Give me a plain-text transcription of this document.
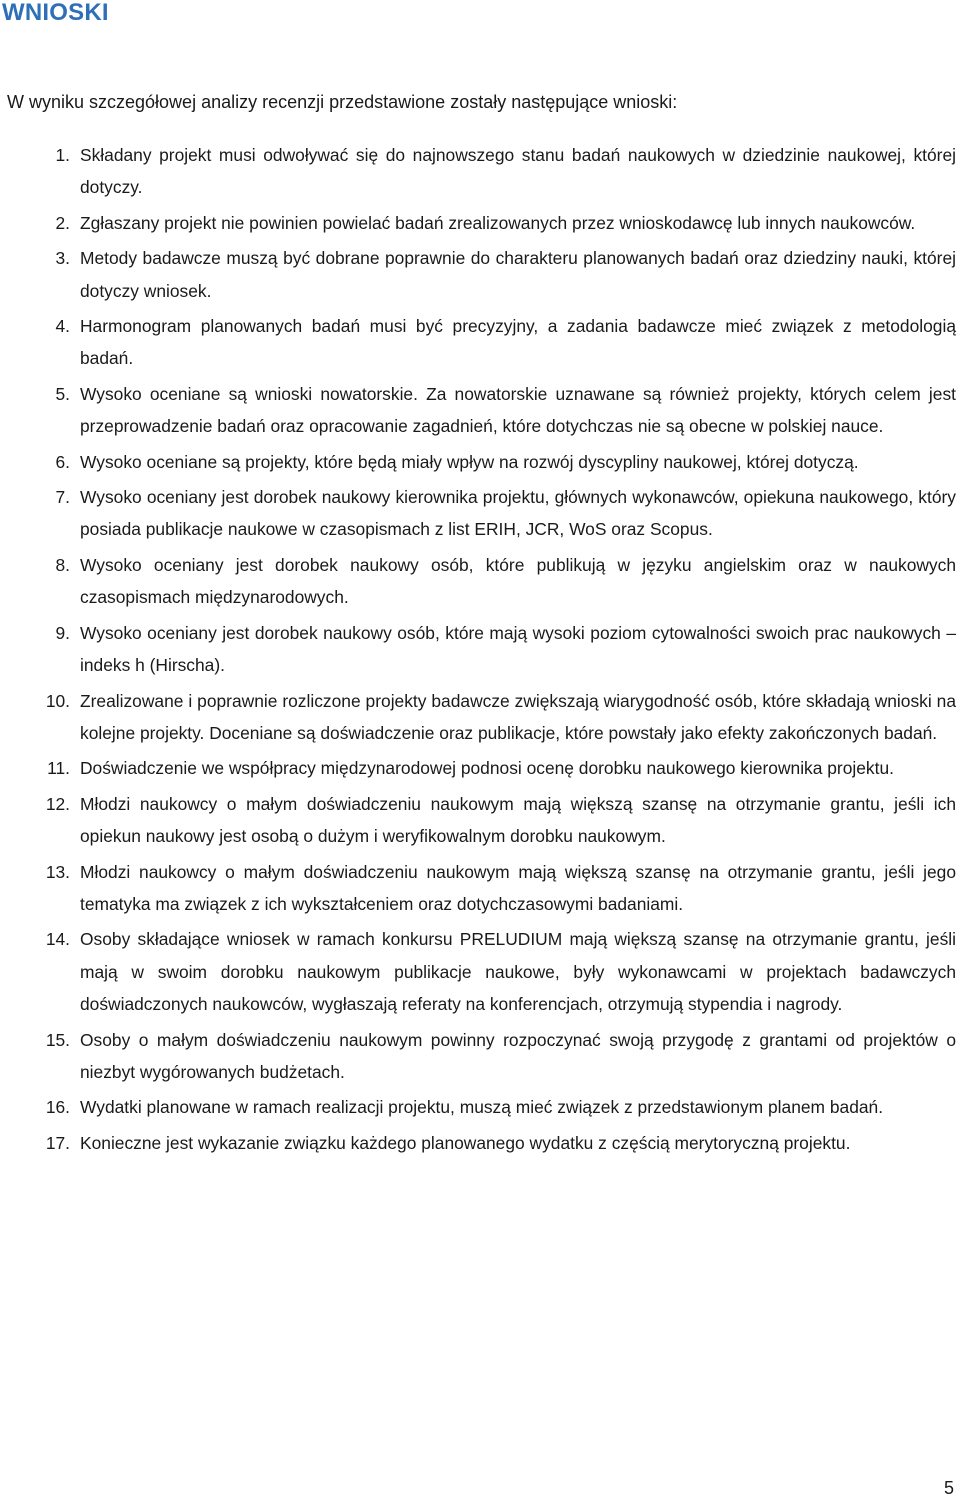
WNIOSKI

W wyniku szczegółowej analizy recenzji przedstawione zostały następujące wnioski:

1. Składany projekt musi odwoływać się do najnowszego stanu badań naukowych w dziedzinie naukowej, której dotyczy.
2. Zgłaszany projekt nie powinien powielać badań zrealizowanych przez wnioskodawcę lub innych naukowców.
3. Metody badawcze muszą być dobrane poprawnie do charakteru planowanych badań oraz dziedziny nauki, której dotyczy wniosek.
4. Harmonogram planowanych badań musi być precyzyjny, a zadania badawcze mieć związek z metodologią badań.
5. Wysoko oceniane są wnioski nowatorskie. Za nowatorskie uznawane są również projekty, których celem jest przeprowadzenie badań oraz opracowanie zagadnień, które dotychczas nie są obecne w polskiej nauce.
6. Wysoko oceniane są projekty, które będą miały wpływ na rozwój dyscypliny naukowej, której dotyczą.
7. Wysoko oceniany jest dorobek naukowy kierownika projektu, głównych wykonawców, opiekuna naukowego, który posiada publikacje naukowe w czasopismach z list ERIH, JCR, WoS oraz Scopus.
8. Wysoko oceniany jest dorobek naukowy osób, które publikują w języku angielskim oraz w naukowych czasopismach międzynarodowych.
9. Wysoko oceniany jest dorobek naukowy osób, które mają wysoki poziom cytowalności swoich prac naukowych – indeks h (Hirscha).
10. Zrealizowane i poprawnie rozliczone projekty badawcze zwiększają wiarygodność osób, które składają wnioski na kolejne projekty. Doceniane są doświadczenie oraz publikacje, które powstały jako efekty zakończonych badań.
11. Doświadczenie we współpracy międzynarodowej podnosi ocenę dorobku naukowego kierownika projektu.
12. Młodzi naukowcy o małym doświadczeniu naukowym mają większą szansę na otrzymanie grantu, jeśli ich opiekun naukowy jest osobą o dużym i weryfikowalnym dorobku naukowym.
13. Młodzi naukowcy o małym doświadczeniu naukowym mają większą szansę na otrzymanie grantu, jeśli jego tematyka ma związek z ich wykształceniem oraz dotychczasowymi badaniami.
14. Osoby składające wniosek w ramach konkursu PRELUDIUM mają większą szansę na otrzymanie grantu, jeśli mają w swoim dorobku naukowym publikacje naukowe, były wykonawcami w projektach badawczych doświadczonych naukowców, wygłaszają referaty na konferencjach, otrzymują stypendia i nagrody.
15. Osoby o małym doświadczeniu naukowym powinny rozpoczynać swoją przygodę z grantami od projektów o niezbyt wygórowanych budżetach.
16. Wydatki planowane w ramach realizacji projektu, muszą mieć związek z przedstawionym planem badań.
17. Konieczne jest wykazanie związku każdego planowanego wydatku z częścią merytoryczną projektu.
5
